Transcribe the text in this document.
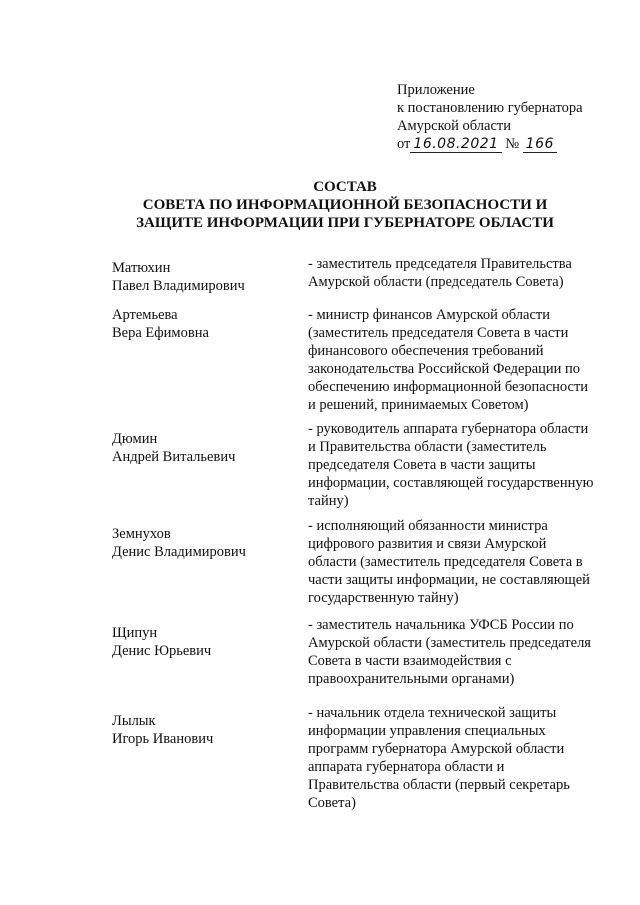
Приложение
к постановлению губернатора
Амурской области
от 16.08.2021 № 166
СОСТАВ
СОВЕТА ПО ИНФОРМАЦИОННОЙ БЕЗОПАСНОСТИ И
ЗАЩИТЕ ИНФОРМАЦИИ ПРИ ГУБЕРНАТОРЕ ОБЛАСТИ
Матюхин
Павел Владимирович
- заместитель председателя Правительства
Амурской области (председатель Совета)
Артемьева
Вера Ефимовна
- министр финансов Амурской области
(заместитель председателя Совета в части
финансового обеспечения требований
законодательства Российской Федерации по
обеспечению информационной безопасности
и решений, принимаемых Советом)
Дюмин
Андрей Витальевич
- руководитель аппарата губернатора области
и Правительства области (заместитель
председателя Совета в части защиты
информации, составляющей государственную
тайну)
Земнухов
Денис Владимирович
- исполняющий обязанности министра
цифрового развития и связи Амурской
области (заместитель председателя Совета в
части защиты информации, не составляющей
государственную тайну)
Щипун
Денис Юрьевич
- заместитель начальника УФСБ России по
Амурской области (заместитель председателя
Совета в части взаимодействия с
правоохранительными органами)
Лылык
Игорь Иванович
- начальник отдела технической защиты
информации управления специальных
программ губернатора Амурской области
аппарата губернатора области и
Правительства области (первый секретарь
Совета)
